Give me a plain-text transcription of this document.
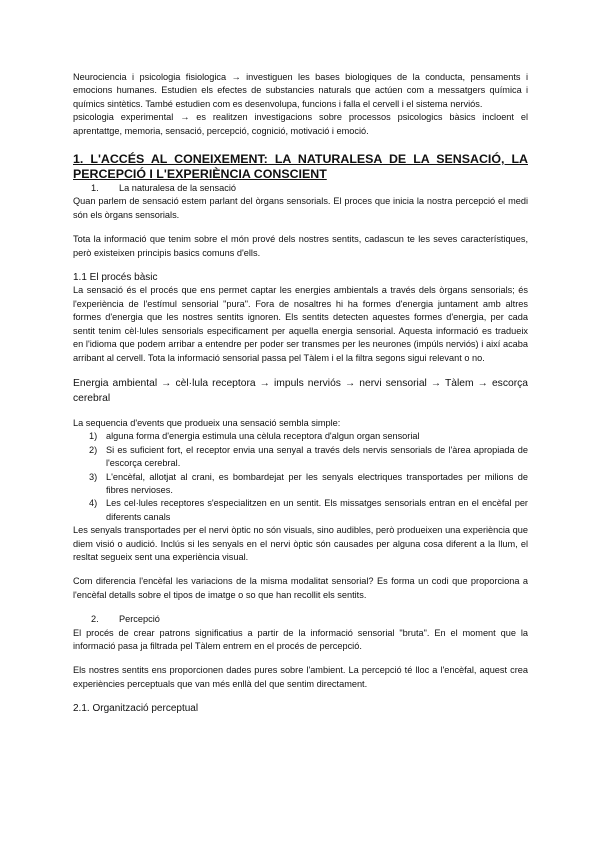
Neurociencia i psicologia fisiologica → investiguen les bases biologiques de la conducta, pensaments i emocions humanes. Estudien els efectes de substancies naturals que actúen com a messatgers química i químics sintètics. També estudien com es desenvolupa, funcions i falla el cervell i el sistema nerviós.

psicologia experimental → es realitzen investigacions sobre processos psicologics bàsics incloent el aprentattge, memoria, sensació, percepció, cognició, motivació i emoció.

1. L'ACCÉS AL CONEIXEMENT: LA NATURALESA DE LA SENSACIÓ, LA PERCEPCIÓ I L'EXPERIÈNCIA CONSCIENT

1. La naturalesa de la sensació

Quan parlem de sensació estem parlant del òrgans sensorials. El proces que inicia la nostra percepció el medi són els òrgans sensorials.

Tota la informació que tenim sobre el món prové dels nostres sentits, cadascun te les seves característiques, però existeixen principis basics comuns d'ells.

1.1 El procés bàsic

La sensació és el procés que ens permet captar les energies ambientals a través dels òrgans sensorials; és l'experiència de l'estímul sensorial "pura". Fora de nosaltres hi ha formes d'energia juntament amb altres formes d'energia que les nostres sentits ignoren. Els sentits detecten aquestes formes d'energia, per cada sentit tenim cèl·lules sensorials especificament per aquella energia sensorial. Aquesta informació es tradueix en l'idioma que podem arribar a entendre per poder ser transmes per les neurones (impúls nerviós) i així acaba arribant al cervell. Tota la informació sensorial passa pel Tàlem i el la filtra segons sigui relevant o no.

Energia ambiental → cèl·lula receptora → impuls nerviós → nervi sensorial → Tàlem → escorça cerebral

La sequencia d'events que produeix una sensació sembla simple:

1) alguna forma d'energia estimula una cèlula receptora d'algun organ sensorial
2) Si es suficient fort, el receptor envia una senyal a través dels nervis sensorials de l'àrea apropiada de l'escorça cerebral.
3) L'encèfal, allotjat al crani, es bombardejat per les senyals electriques transportades per milions de fibres nervioses.
4) Les cel·lules receptores s'especialitzen en un sentit. Els missatges sensorials entran en el encèfal per diferents canals

Les senyals transportades per el nervi òptic no són visuals, sino audibles, però produeixen una experiència que diem visió o audició. Inclús si les senyals en el nervi òptic són causades per alguna cosa diferent a la llum, el resltat segueix sent una experiència visual.

Com diferencia l'encèfal les variacions de la misma modalitat sensorial? Es forma un codi que proporciona a l'encèfal detalls sobre el tipos de imatge o so que han recollit els sentits.

2. Percepció

El procés de crear patrons significatius a partir de la informació sensorial "bruta". En el moment que la informació pasa ja filtrada pel Tàlem entrem en el procés de percepció.

Els nostres sentits ens proporcionen dades pures sobre l'ambient. La percepció té lloc a l'encèfal, aquest crea experiències perceptuals que van més enllà del que sentim directament.

2.1. Organització perceptual
